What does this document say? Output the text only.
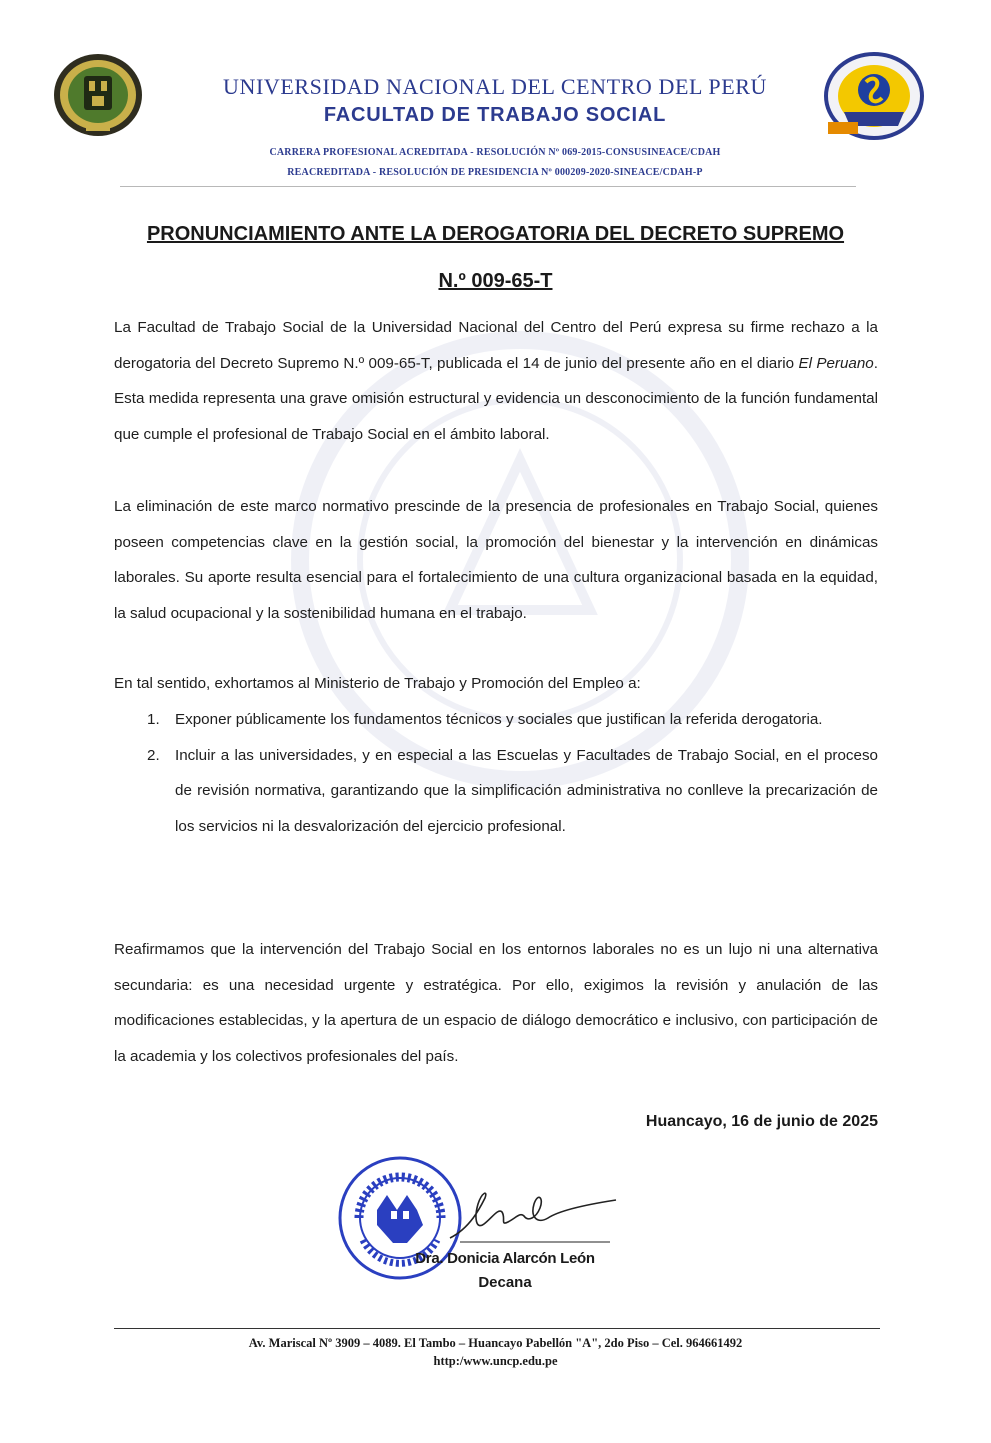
UNIVERSIDAD NACIONAL DEL CENTRO DEL PERÚ
FACULTAD DE TRABAJO SOCIAL
CARRERA PROFESIONAL ACREDITADA - RESOLUCIÓN Nº 069-2015-CONSUSINEACE/CDAH
REACREDITADA - RESOLUCIÓN DE PRESIDENCIA Nº 000209-2020-SINEACE/CDAH-P
PRONUNCIAMIENTO ANTE LA DEROGATORIA DEL DECRETO SUPREMO
N.º 009-65-T
La Facultad de Trabajo Social de la Universidad Nacional del Centro del Perú expresa su firme rechazo a la derogatoria del Decreto Supremo N.º 009-65-T, publicada el 14 de junio del presente año en el diario El Peruano. Esta medida representa una grave omisión estructural y evidencia un desconocimiento de la función fundamental que cumple el profesional de Trabajo Social en el ámbito laboral.
La eliminación de este marco normativo prescinde de la presencia de profesionales en Trabajo Social, quienes poseen competencias clave en la gestión social, la promoción del bienestar y la intervención en dinámicas laborales. Su aporte resulta esencial para el fortalecimiento de una cultura organizacional basada en la equidad, la salud ocupacional y la sostenibilidad humana en el trabajo.
En tal sentido, exhortamos al Ministerio de Trabajo y Promoción del Empleo a:
1. Exponer públicamente los fundamentos técnicos y sociales que justifican la referida derogatoria.
2. Incluir a las universidades, y en especial a las Escuelas y Facultades de Trabajo Social, en el proceso de revisión normativa, garantizando que la simplificación administrativa no conlleve la precarización de los servicios ni la desvalorización del ejercicio profesional.
Reafirmamos que la intervención del Trabajo Social en los entornos laborales no es un lujo ni una alternativa secundaria: es una necesidad urgente y estratégica. Por ello, exigimos la revisión y anulación de las modificaciones establecidas, y la apertura de un espacio de diálogo democrático e inclusivo, con participación de la academia y los colectivos profesionales del país.
Huancayo, 16 de junio de 2025
Dra. Donicia Alarcón León
Decana
Av. Mariscal Nº 3909 – 4089. El Tambo – Huancayo Pabellón "A", 2do Piso – Cel. 964661492
http:/www.uncp.edu.pe
